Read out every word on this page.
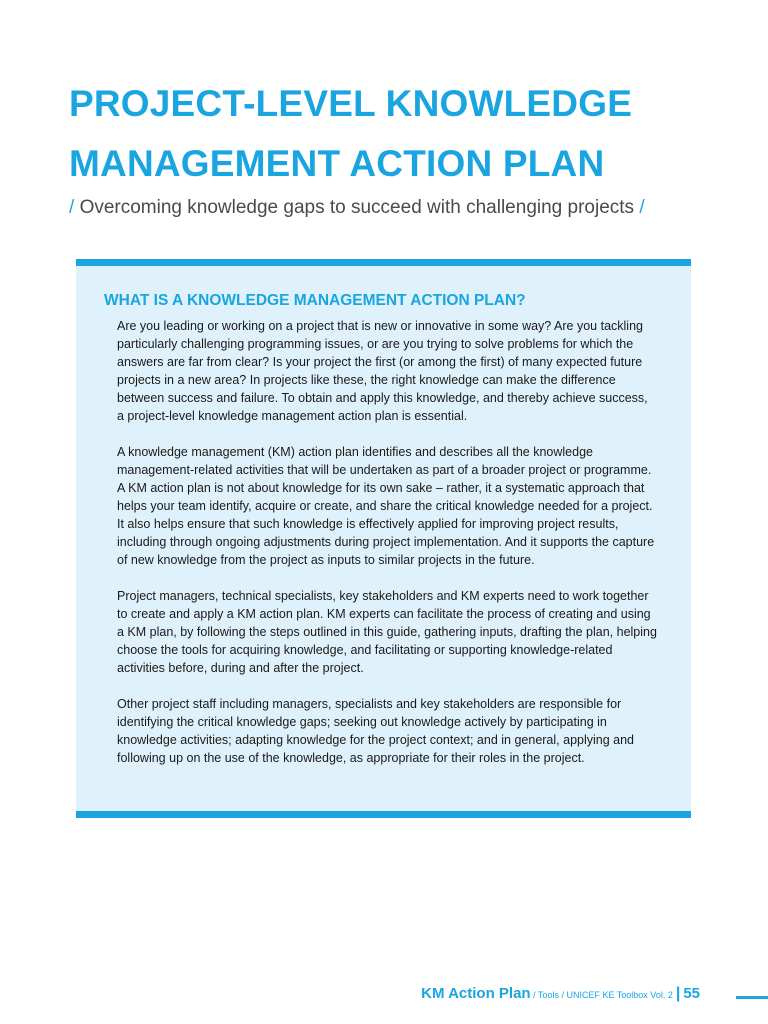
PROJECT-LEVEL KNOWLEDGE
MANAGEMENT ACTION PLAN

/ Overcoming knowledge gaps to succeed with challenging projects /

WHAT IS A KNOWLEDGE MANAGEMENT ACTION PLAN?

Are you leading or working on a project that is new or innovative in some way? Are you tackling particularly challenging programming issues, or are you trying to solve problems for which the answers are far from clear? Is your project the first (or among the first) of many expected future projects in a new area? In projects like these, the right knowledge can make the difference between success and failure. To obtain and apply this knowledge, and thereby achieve success, a project-level knowledge management action plan is essential.

A knowledge management (KM) action plan identifies and describes all the knowledge management-related activities that will be undertaken as part of a broader project or programme. A KM action plan is not about knowledge for its own sake – rather, it a systematic approach that helps your team identify, acquire or create, and share the critical knowledge needed for a project. It also helps ensure that such knowledge is effectively applied for improving project results, including through ongoing adjustments during project implementation. And it supports the capture of new knowledge from the project as inputs to similar projects in the future.

Project managers, technical specialists, key stakeholders and KM experts need to work together to create and apply a KM action plan. KM experts can facilitate the process of creating and using a KM plan, by following the steps outlined in this guide, gathering inputs, drafting the plan, helping choose the tools for acquiring knowledge, and facilitating or supporting knowledge-related activities before, during and after the project.

Other project staff including managers, specialists and key stakeholders are responsible for identifying the critical knowledge gaps; seeking out knowledge actively by participating in knowledge activities; adapting knowledge for the project context; and in general, applying and following up on the use of the knowledge, as appropriate for their roles in the project.

KM Action Plan / Tools / UNICEF KE Toolbox Vol. 2 | 55
